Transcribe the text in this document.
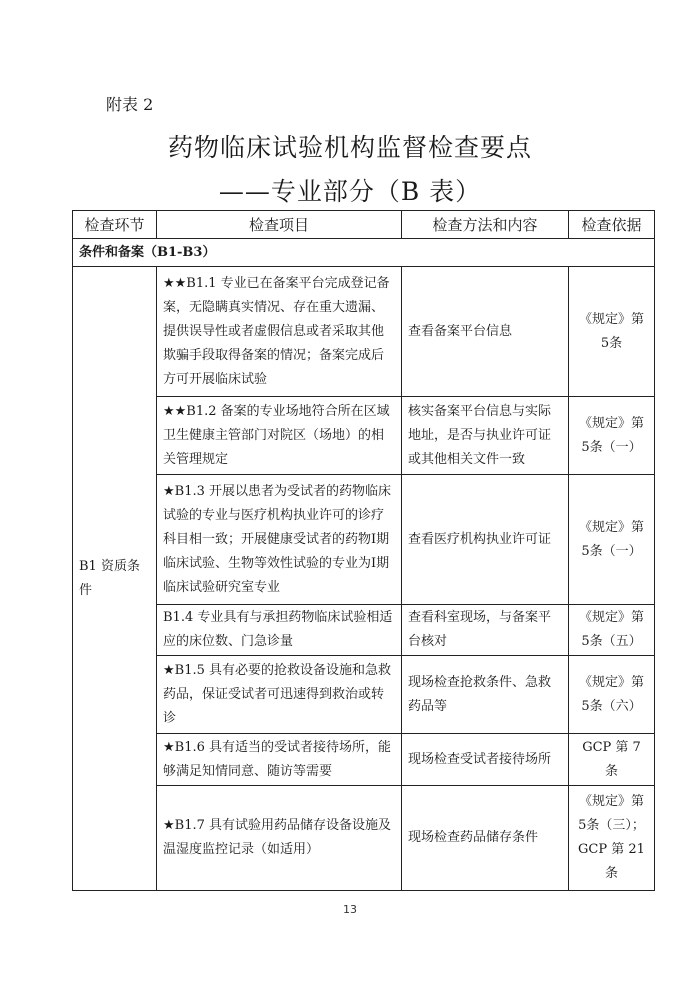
附表 2
药物临床试验机构监督检查要点
——专业部分（B 表）
检查环节	检查项目	检查方法和内容	检查依据
条件和备案（B1-B3）			
B1 资质条件	★★B1.1 专业已在备案平台完成登记备案，无隐瞒真实情况、存在重大遗漏、提供误导性或者虚假信息或者采取其他欺骗手段取得备案的情况；备案完成后方可开展临床试验	查看备案平台信息	《规定》第5条
	★★B1.2 备案的专业场地符合所在区域卫生健康主管部门对院区（场地）的相关管理规定	核实备案平台信息与实际地址，是否与执业许可证或其他相关文件一致	《规定》第5条（一）
	★B1.3 开展以患者为受试者的药物临床试验的专业与医疗机构执业许可的诊疗科目相一致；开展健康受试者的药物I期临床试验、生物等效性试验的专业为I期临床试验研究室专业	查看医疗机构执业许可证	《规定》第5条（一）
	B1.4 专业具有与承担药物临床试验相适应的床位数、门急诊量	查看科室现场，与备案平台核对	《规定》第5条（五）
	★B1.5 具有必要的抢救设备设施和急救药品，保证受试者可迅速得到救治或转诊	现场检查抢救条件、急救药品等	《规定》第5条（六）
	★B1.6 具有适当的受试者接待场所，能够满足知情同意、随访等需要	现场检查受试者接待场所	GCP 第 7 条
	★B1.7 具有试验用药品储存设备设施及温湿度监控记录（如适用）	现场检查药品储存条件	《规定》第5条（三）；GCP 第 21 条
13
